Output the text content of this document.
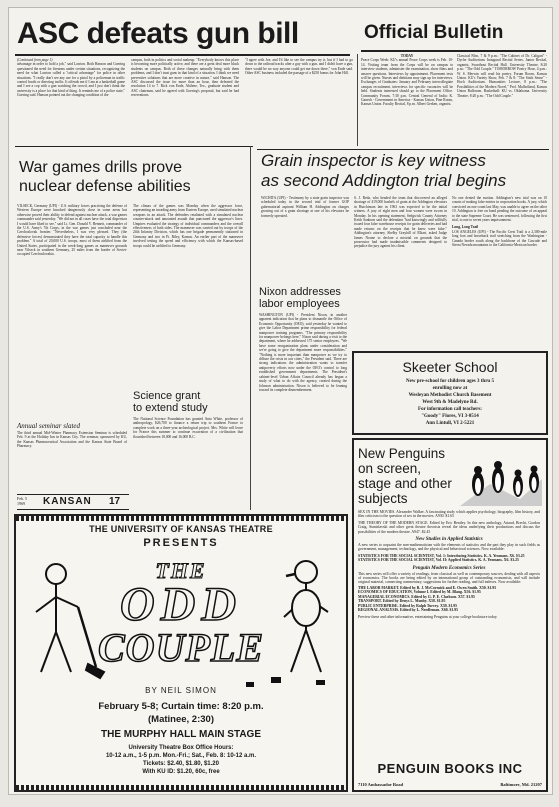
ASC defeats gun bill	Official Bulletin
(Continued from page 1)
advantage in order to hold a job," said Lawton. Both Hanson and Goering questioned the need for firearms under certain situations, recognizing the need for what Lawton called a "critical advantage" for police in other situations. "I really don't see any use for a pistol by a policeman in traffic control booth or directing traffic. It offends me if I am at a basketball game and I see a cop with a gun watching the crowd, and I just don't think the university is a place for that kind of thing. It reminds me of a police state," Goering said. Hanson pointed out the changing condition of the
campus, both in politics and social makeup. "Everybody knows this place is becoming more politically active, and there are a great deal more black students on campus. Both of these changes naturally bring with them problems, and I don't trust guns in that kind of a situation. I think we need preventive solutions that are more creative in nature," said Hanson. The ASC discussed the issue for more than an hour, then defeated the resolution 14 to 7. Rick von Ende, Abilene, Tex., graduate student and ASC chairman, said he agreed with Goering's proposal, but said he had reservations.
"I agree with Joe, and I'd like to see the campus try it, but if I had to go down to the railroad tracks after a guy with a gun, and I didn't have a gun, there would be no way anyone could get me down there," von Ende said. Other ASC business included the passage of a $250 bonus for John Hill.
TODAY
Peace Corps Week: KU's annual Peace Corps week is Feb. 10-14. Visiting team from the Corps will be on campus to interview students, administer the examination, show films and answer questions. Interviews by appointment. Placement tests will be given. Nurses and dietitians may sign up for interviews. Exchanges of Graduates: January and February intercollegiate campus recruitment, interviews for specific vacancies will be held. Students interested should go to the Placement Office. Community Forum, 7:30 p.m. Central General of India: K. Ganesh - Government in America - Kansas Union, Pine Room, Kansas Union. Faculty Recital, 8 p.m. Albert Gerken, organist.
Classical Film, 7 & 9 p.m.: "The Cabinet of Dr. Caligari" - Dyche Auditorium. Inaugural Recital Series, Junior Recital, organist, Swarthout Recital Hall. University Theatre, 8:20 p.m.: "The Odd Couple." TOMORROW Poetry Hour, 4 p.m.: W. S. Merwin will read his poetry. Forum Room, Kansas Union. KU's Variety Show, Feb. 7 & 8: "The Sixth Sense" - Hoch Auditorium. Humanities Lecture, 8 p.m.: "The Possibilities of the Modern Novel," Prof. Mulholland, Kansas Union Ballroom. Basketball: KU vs. Oklahoma. University Theatre, 8:20 p.m.: "The Odd Couple."
Grain inspector is key witness
as second Addington trial begins
WICHITA (UPI) - Testimony by a state grain inspector was scheduled today in the second trial of former GOP gubernatorial aspirant William H. Addington on charges growing out of a grain shortage at one of his elevators he formerly operated.
S. J. Reda, who headed the team that discovered an alleged shortage of 419,000 bushels of grain at the Addington elevators in Hutchinson late in 1963 was expected to be the initial witness. A jury of eight men and four women were sworn in Monday. In his opening statement, Sedgwick County Attorney Keith Sanborn said the defendant "had knowingly and willfully issued four false warehouse receipts for grain deliveries and had made returns on the receipts that he knew were false." Addington's attorney, Shelby Graybill of Elkart, asked Judge James Noone to declare a mistrial on grounds that the prosecutor had made inadmissible comments designed to prejudice the jury against his client.
No one denied the motion. Addington's new trial was on 10 counts of making false entries in corporation books. A jury, which convicted on one count last May, was unable to agree on the other 10. Addington is free on bond pending the outcome of an appeal to the state Supreme Court. He was sentenced, following the first trial, to one to seven years imprisonment.
Long, Long Trail
LOS ANGELES (UPI) - The Pacific Crest Trail is a 2,300-mile long foot and horseback trail stretching from the Washington - Canada border south along the backbone of the Cascade and Sierra Nevada mountains to the California-Mexican border.
War games drills prove
nuclear defense abilities
VILSECK, Germany (UPI) - U.S. military forces practicing the defense of Western Europe were knocked dangerously close in some areas but otherwise proved their ability to defend against nuclear attack, a war games commander said yesterday. "We did not in all cases have the total dispersion I would have liked to see," said Lt. Gen. Donald V. Bennett, commander of the U.S. Army's 7th Corps, in the war games just concluded near the Czechoslovak frontier. "Nevertheless, I was very pleased. They (the defensive forces) demonstrated they have the total capacity to handle this problem." A total of 20,000 U.S. troops, most of them airlifted from the United States, participated in the week-long games as maneuver grounds near Vilseck in southern Germany, 25 miles from the border of Soviet-occupied Czechoslovakia.
The climax of the games was Monday when the aggressor force, representing an invading army from Eastern Europe, used simulated nuclear weapons in an attack. The defenders retaliated with a simulated nuclear counter-attack and amounted assault that punctured the aggressor's lines. Umpires evaluated the strategy of individual commanders and the overall effectiveness of both sides. The maneuver was carried out by troops of the 24th Infantry Division, which has one brigade permanently stationed in Germany and two in Ft. Riley, Kansas. An earlier part of the maneuver involved testing the speed and efficiency with which the Kansas-based troops could be airlifted to Germany.
Annual seminar slated
The third annual Mid-Winter Pharmacy Extension Seminar is scheduled Feb. 9 at the Holiday Inn in Kansas City. The seminar, sponsored by KU, the Kansas Pharmaceutical Association and the Kansas State Board of Pharmacy.
Feb. 5 1969	KANSAN 17
Science grant
to extend study
The National Science Foundation has granted Anta White, professor of anthropology, $26,700 to finance a return trip to southern France to complete work on a three-year archeological project. Mrs. White will leave for France this summer to continue excavation of a civilization that flourished between 18,000 and 16,000 B.C.
Nixon addresses
labor employees
WASHINGTON (UPI) - President Nixon, in another apparent indication that he plans to dismantle the Office of Economic Opportunity (OEO), said yesterday he wanted to give the Labor Department prime responsibility for federal manpower training programs. "The primary responsibility for manpower belongs here," Nixon said during a visit to the department, where he addressed 175 senior employees. "We have some reorganization plans under consideration and we're going to give the department more responsibilities." "Nothing is more important than manpower as we try to diffuse the crisis in our cities," the President said. There are strong indications the administration wants to transfer antipoverty efforts now under the OEO's control to long established government departments. The President's cabinet-level Urban Affairs Council already has begun a study of what to do with the agency, created during the Johnson administration. Nixon is believed to be leaning toward its complete dismemberment.
Skeeter School
New pre-school for children ages 3 thru 5
enrolling now at
Wesleyan Methodist Church Basement
West 9th & Madelyne Rd.
For information call teachers:
"Goody" Flores, VI 3-0514
Ann Lintull, VI 2-5221
New Penguins
on screen,
stage and other
subjects
SEX IN THE MOVIES. Alexander Walker. A fascinating study which applies psychology, biography, film history, and film criticism to the question of sex in the movies. A930. $1.65
THE THEORY OF THE MODERN STAGE. Edited by Eric Bentley. In this new anthology, Artaud, Brecht, Gordon Craig, Stanislavski and other great theatre theorists reveal the ideas underlying their productions and discuss the possibilities of the modern theatre. A947. $2.45
New Studies in Applied Statistics
A new series to acquaint the non-mathematician with the elements of statistics and the part they play in such fields as government, management, technology, and the physical and behavioral sciences. Now available:
STATISTICS FOR THE SOCIAL SCIENTIST, Vol. 1: Introducing Statistics. K. A. Yeomans. X6. $3.25
STATISTICS FOR THE SOCIAL SCIENTIST, Vol. II: Applied Statistics. K. A. Yeomans. X6. $3.25
Penguin Modern Economics Series
This new series will offer a variety of readings, from classical as well as contemporary sources, dealing with all aspects of economics. The books are being edited by an international group of outstanding economists, and will include original material, connecting commentary, suggestions for further reading, and full indexes. Now available:
THE LABOR MARKET. Edited by B. J. McCormick and E. Owen Smith. X50. $1.95
ECONOMICS OF EDUCATION, Volume I. Edited by M. Blaug. X56. $1.95
MANAGERIAL ECONOMICS. Edited by G. P. E. Clarkson. X57. $1.95
TRANSPORT. Edited by Denys L. Munby. X58. $1.95
PUBLIC ENTERPRISE. Edited by Ralph Turvey. X59. $1.95
REGIONAL ANALYSIS. Edited by L. Needleman. X60. $1.95
Preview these and other informative, entertaining Penguins at your college bookstore today.
PENGUIN BOOKS INC
7110 Ambassador Road	Baltimore, Md. 21207
THE UNIVERSITY OF KANSAS THEATRE
PRESENTS
THE
ODD
COUPLE
BY NEIL SIMON
February 5-8; Curtain time: 8:20 p.m.
(Matinee, 2:30)
THE MURPHY HALL MAIN STAGE
University Theatre Box Office Hours:
10-12 a.m., 1-5 p.m. Mon.-Fri.; Sat., Feb. 8: 10-12 a.m.
Tickets: $2.40, $1.80, $1.20
With KU ID: $1.20, 60c, free
